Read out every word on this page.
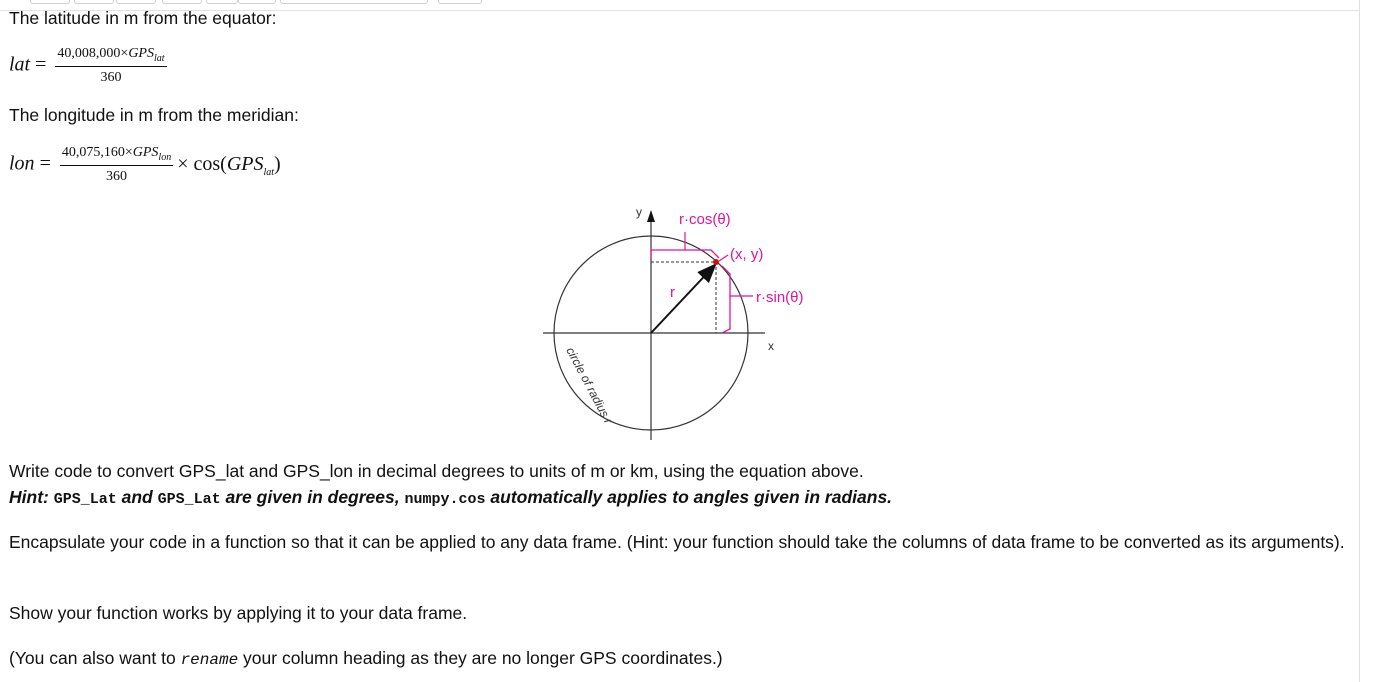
The latitude in m from the equator:
lat = $\frac{40,008,000\times GPS_{lat}}{360}$
The longitude in m from the meridian:
lon = $\frac{40,075,160\times GPS_{lon}}{360} \times \cos(GPS_{lat})$
y
x
r
r·cos(θ)
r·sin(θ)
(x, y)
circle of radius r
Write code to convert GPS_lat and GPS_lon in decimal degrees to units of m or km, using the equation above.
Hint: GPS_Lat and GPS_Lat are given in degrees, numpy.cos automatically applies to angles given in radians.
Encapsulate your code in a function so that it can be applied to any data frame. (Hint: your function should take the columns of data frame to be converted as its arguments).
Show your function works by applying it to your data frame.
(You can also want to rename your column heading as they are no longer GPS coordinates.)
